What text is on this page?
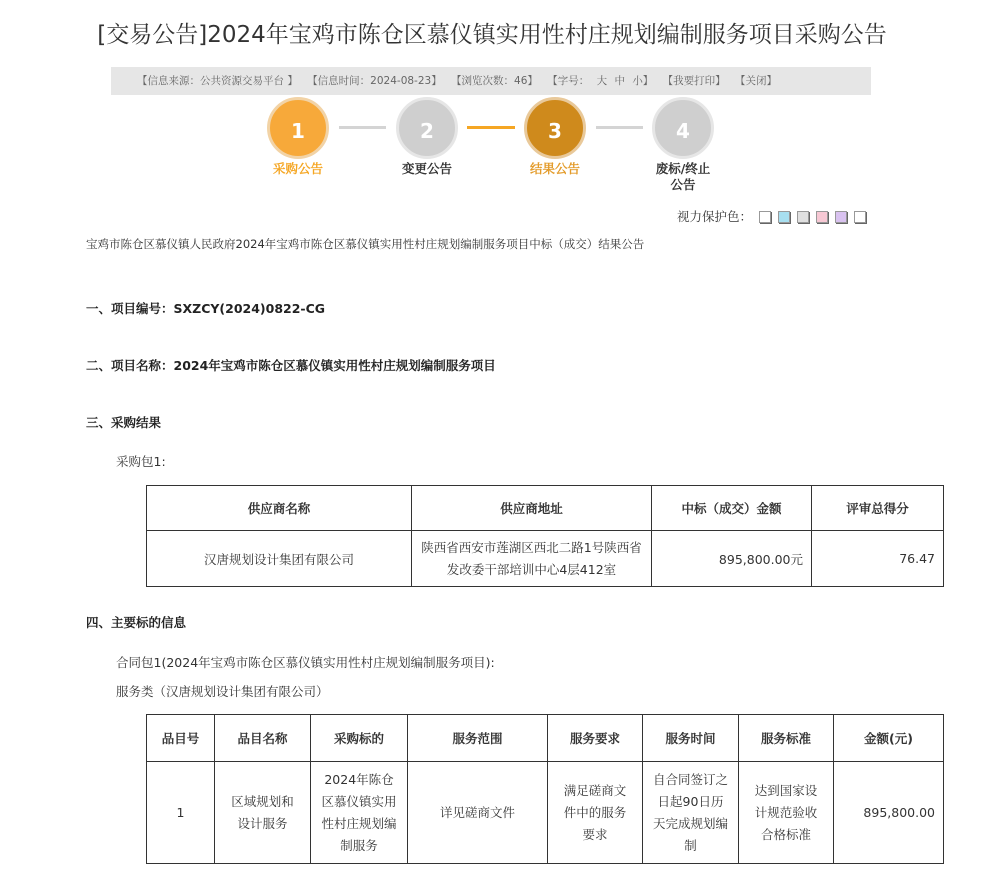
[交易公告]2024年宝鸡市陈仓区慕仪镇实用性村庄规划编制服务项目采购公告
【信息来源：公共资源交易平台 】 【信息时间：2024-08-23】 【浏览次数：46】 【字号： 大 中 小】 【我要打印】 【关闭】
1	2	3	4
采购公告	变更公告	结果公告	废标/终止公告
视力保护色：
宝鸡市陈仓区慕仪镇人民政府2024年宝鸡市陈仓区慕仪镇实用性村庄规划编制服务项目中标（成交）结果公告
一、项目编号：SXZCY(2024)0822-CG
二、项目名称：2024年宝鸡市陈仓区慕仪镇实用性村庄规划编制服务项目
三、采购结果
采购包1:
供应商名称	供应商地址	中标（成交）金额	评审总得分
汉唐规划设计集团有限公司	陕西省西安市莲湖区西北二路1号陕西省发改委干部培训中心4层412室	895,800.00元	76.47
四、主要标的信息
合同包1(2024年宝鸡市陈仓区慕仪镇实用性村庄规划编制服务项目):
服务类（汉唐规划设计集团有限公司）
品目号	品目名称	采购标的	服务范围	服务要求	服务时间	服务标准	金额(元)
1	区域规划和设计服务	2024年陈仓区慕仪镇实用性村庄规划编制服务	详见磋商文件	满足磋商文件中的服务要求	自合同签订之日起90日历天完成规划编制	达到国家设计规范验收合格标准	895,800.00
